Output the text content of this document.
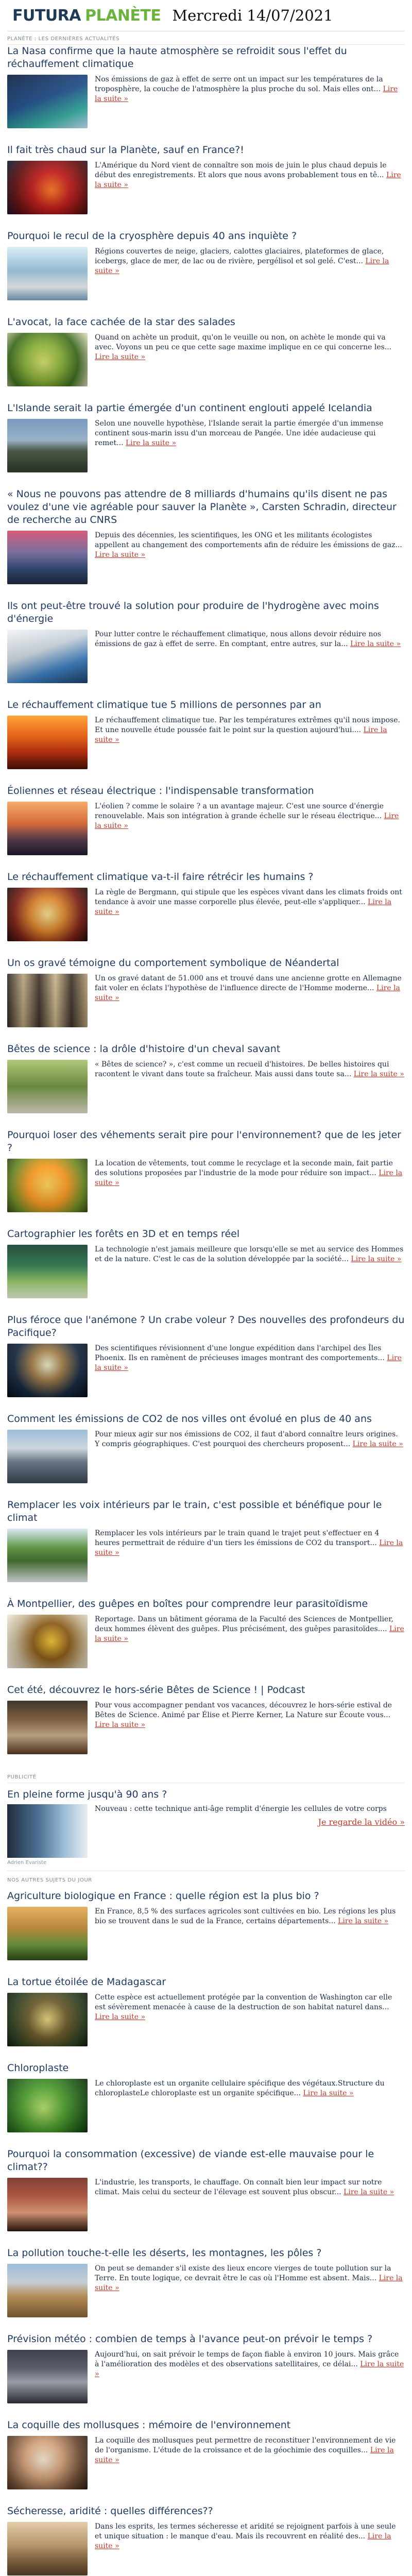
FUTURA PLANÈTE Mercredi 14/07/2021
PLANÈTE : LES DERNIÈRES ACTUALITÉS
La Nasa confirme que la haute atmosphère se refroidit sous l'effet du réchauffement climatique

Nos émissions de gaz à effet de serre ont un impact sur les températures de la troposphère, la couche de l'atmosphère la plus proche du sol. Mais elles ont... Lire la suite »

Il fait très chaud sur la Planète, sauf en France?!

L'Amérique du Nord vient de connaître son mois de juin le plus chaud depuis le début des enregistrements. Et alors que nous avons probablement tous en tê... Lire la suite »

Pourquoi le recul de la cryosphère depuis 40 ans inquiète ?

Régions couvertes de neige, glaciers, calottes glaciaires, plateformes de glace, icebergs, glace de mer, de lac ou de rivière, pergélisol et sol gelé. C'est... Lire la suite »

L'avocat, la face cachée de la star des salades

Quand on achète un produit, qu'on le veuille ou non, on achète le monde qui va avec. Voyons un peu ce que cette sage maxime implique en ce qui concerne les... Lire la suite »

L'Islande serait la partie émergée d'un continent englouti appelé Icelandia

Selon une nouvelle hypothèse, l'Islande serait la partie émergée d'un immense continent sous-marin issu d'un morceau de Pangée. Une idée audacieuse qui remet... Lire la suite »

« Nous ne pouvons pas attendre de 8 milliards d'humains qu'ils disent ne pas voulez d'une vie agréable pour sauver la Planète », Carsten Schradin, directeur de recherche au CNRS

Depuis des décennies, les scientifiques, les ONG et les militants écologistes appellent au changement des comportements afin de réduire les émissions de gaz... Lire la suite »

Ils ont peut-être trouvé la solution pour produire de l'hydrogène avec moins d'énergie

Pour lutter contre le réchauffement climatique, nous allons devoir réduire nos émissions de gaz à effet de serre. En comptant, entre autres, sur la... Lire la suite »

Le réchauffement climatique tue 5 millions de personnes par an

Le réchauffement climatique tue. Par les températures extrêmes qu'il nous impose. Et une nouvelle étude poussée fait le point sur la question aujourd'hui.... Lire la suite »

Éoliennes et réseau électrique : l'indispensable transformation

L'éolien ? comme le solaire ? a un avantage majeur. C'est une source d'énergie renouvelable. Mais son intégration à grande échelle sur le réseau électrique... Lire la suite »

Le réchauffement climatique va-t-il faire rétrécir les humains ?

La règle de Bergmann, qui stipule que les espèces vivant dans les climats froids ont tendance à avoir une masse corporelle plus élevée, peut-elle s'appliquer... Lire la suite »

Un os gravé témoigne du comportement symbolique de Néandertal

Un os gravé datant de 51.000 ans et trouvé dans une ancienne grotte en Allemagne fait voler en éclats l'hypothèse de l'influence directe de l'Homme moderne... Lire la suite »

Bêtes de science : la drôle d'histoire d'un cheval savant

« Bêtes de science? », c'est comme un recueil d'histoires. De belles histoires qui racontent le vivant dans toute sa fraîcheur. Mais aussi dans toute sa... Lire la suite »

Pourquoi loser des véhements serait pire pour l'environnement? que de les jeter ?

La location de vêtements, tout comme le recyclage et la seconde main, fait partie des solutions proposées par l'industrie de la mode pour réduire son impact... Lire la suite »

Cartographier les forêts en 3D et en temps réel

La technologie n'est jamais meilleure que lorsqu'elle se met au service des Hommes et de la nature. C'est le cas de la solution développée par la société... Lire la suite »

Plus féroce que l'anémone ? Un crabe voleur ? Des nouvelles des profondeurs du Pacifique?

Des scientifiques révisionnent d'une longue expédition dans l'archipel des Îles Phoenix. Ils en ramènent de précieuses images montrant des comportements... Lire la suite »

Comment les émissions de CO2 de nos villes ont évolué en plus de 40 ans

Pour mieux agir sur nos émissions de CO2, il faut d'abord connaître leurs origines. Y compris géographiques. C'est pourquoi des chercheurs proposent... Lire la suite »

Remplacer les voix intérieurs par le train, c'est possible et bénéfique pour le climat

Remplacer les vols intérieurs par le train quand le trajet peut s'effectuer en 4 heures permettrait de réduire d'un tiers les émissions de CO2 du transport... Lire la suite »

À Montpellier, des guêpes en boîtes pour comprendre leur parasitoïdisme

Reportage. Dans un bâtiment géorama de la Faculté des Sciences de Montpellier, deux hommes élèvent des guêpes. Plus précisément, des guêpes parasitoïdes.... Lire la suite »

Cet été, découvrez le hors-série Bêtes de Science ! | Podcast

Pour vous accompagner pendant vos vacances, découvrez le hors-série estival de Bêtes de Science. Animé par Élise et Pierre Kerner, La Nature sur Écoute vous... Lire la suite »

PUBLICITÉ
En pleine forme jusqu'à 90 ans ?
Adrien Evariste

Nouveau : cette technique anti-âge remplit d'énergie les cellules de votre corps

Je regarde la vidéo »
NOS AUTRES SUJETS DU JOUR
Agriculture biologique en France : quelle région est la plus bio ?

En France, 8,5 % des surfaces agricoles sont cultivées en bio. Les régions les plus bio se trouvent dans le sud de la France, certains départements... Lire la suite »

La tortue étoilée de Madagascar

Cette espèce est actuellement protégée par la convention de Washington car elle est sévèrement menacée à cause de la destruction de son habitat naturel dans... Lire la suite »

Chloroplaste

Le chloroplaste est un organite cellulaire spécifique des végétaux.Structure du chloroplasteLe chloroplaste est un organite spécifique... Lire la suite »

Pourquoi la consommation (excessive) de viande est-elle mauvaise pour le climat??

L'industrie, les transports, le chauffage. On connaît bien leur impact sur notre climat. Mais celui du secteur de l'élevage est souvent plus obscur... Lire la suite »

La pollution touche-t-elle les déserts, les montagnes, les pôles ?

On peut se demander s'il existe des lieux encore vierges de toute pollution sur la Terre. En toute logique, ce devrait être le cas où l'Homme est absent. Mais... Lire la suite »

Prévision météo : combien de temps à l'avance peut-on prévoir le temps ?

Aujourd'hui, on sait prévoir le temps de façon fiable à environ 10 jours. Mais grâce à l'amélioration des modèles et des observations satellitaires, ce délai... Lire la suite »

La coquille des mollusques : mémoire de l'environnement

La coquille des mollusques peut permettre de reconstituer l'environnement de vie de l'organisme. L'étude de la croissance et de la géochimie des coquilles... Lire la suite »

Sécheresse, aridité : quelles différences??

Dans les esprits, les termes sécheresse et aridité se rejoignent parfois à une seule et unique situation : le manque d'eau. Mais ils recouvrent en réalité des... Lire la suite »
